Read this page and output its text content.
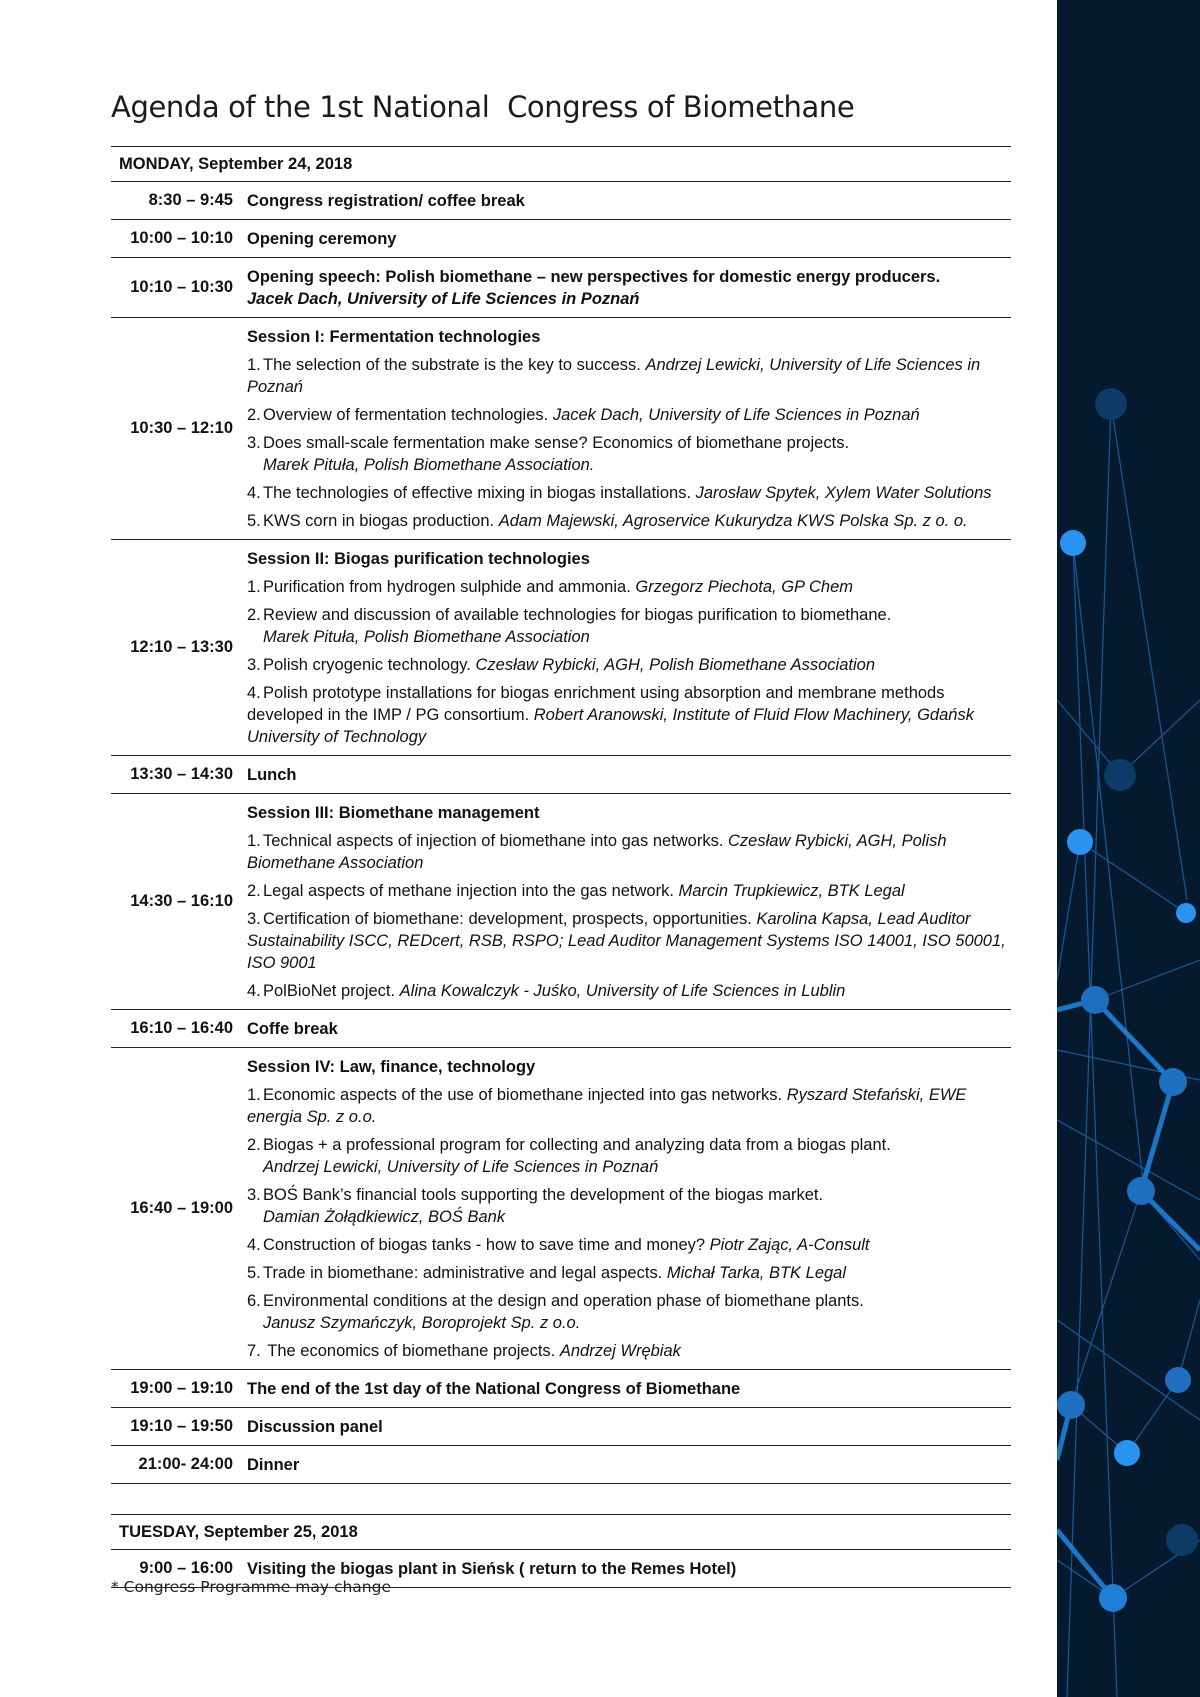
Agenda of the 1st National  Congress of Biomethane
MONDAY, September 24, 2018
8:30 – 9:45 Congress registration/ coffee break
10:00 – 10:10 Opening ceremony
10:10 – 10:30
Opening speech: Polish biomethane – new perspectives for domestic energy producers.
Jacek Dach, University of Life Sciences in Poznań
10:30 – 12:10
Session I: Fermentation technologies
1. The selection of the substrate is the key to success. Andrzej Lewicki, University of Life Sciences in Poznań
2. Overview of fermentation technologies. Jacek Dach, University of Life Sciences in Poznań
3. Does small-scale fermentation make sense? Economics of biomethane projects.
Marek Pituła, Polish Biomethane Association.
4. The technologies of effective mixing in biogas installations. Jarosław Spytek, Xylem Water Solutions
5. KWS corn in biogas production. Adam Majewski, Agroservice Kukurydza KWS Polska Sp. z o. o.
12:10 – 13:30
Session II: Biogas purification technologies
1. Purification from hydrogen sulphide and ammonia. Grzegorz Piechota, GP Chem
2. Review and discussion of available technologies for biogas purification to biomethane.
Marek Pituła, Polish Biomethane Association
3. Polish cryogenic technology. Czesław Rybicki, AGH, Polish Biomethane Association
4. Polish prototype installations for biogas enrichment using absorption and membrane methods developed in the IMP / PG consortium. Robert Aranowski, Institute of Fluid Flow Machinery, Gdańsk University of Technology
13:30 – 14:30 Lunch
14:30 – 16:10
Session III: Biomethane management
1. Technical aspects of injection of biomethane into gas networks. Czesław Rybicki, AGH, Polish Biomethane Association
2. Legal aspects of methane injection into the gas network. Marcin Trupkiewicz, BTK Legal
3. Certification of biomethane: development, prospects, opportunities. Karolina Kapsa, Lead Auditor Sustainability ISCC, REDcert, RSB, RSPO; Lead Auditor Management Systems ISO 14001, ISO 50001, ISO 9001
4. PolBioNet project. Alina Kowalczyk - Juśko, University of Life Sciences in Lublin
16:10 – 16:40 Coffe break
16:40 – 19:00
Session IV: Law, finance, technology
1. Economic aspects of the use of biomethane injected into gas networks. Ryszard Stefański, EWE energia Sp. z o.o.
2. Biogas + a professional program for collecting and analyzing data from a biogas plant.
Andrzej Lewicki, University of Life Sciences in Poznań
3. BOŚ Bank’s financial tools supporting the development of the biogas market.
Damian Żołądkiewicz, BOŚ Bank
4. Construction of biogas tanks - how to save time and money? Piotr Zając, A-Consult
5. Trade in biomethane: administrative and legal aspects. Michał Tarka, BTK Legal
6. Environmental conditions at the design and operation phase of biomethane plants.
Janusz Szymańczyk, Boroprojekt Sp. z o.o.
7. The economics of biomethane projects. Andrzej Wrębiak
19:00 – 19:10 The end of the 1st day of the National Congress of Biomethane
19:10 – 19:50 Discussion panel
21:00- 24:00 Dinner
TUESDAY, September 25, 2018
9:00 – 16:00 Visiting the biogas plant in Sieńsk ( return to the Remes Hotel)
* Congress Programme may change
